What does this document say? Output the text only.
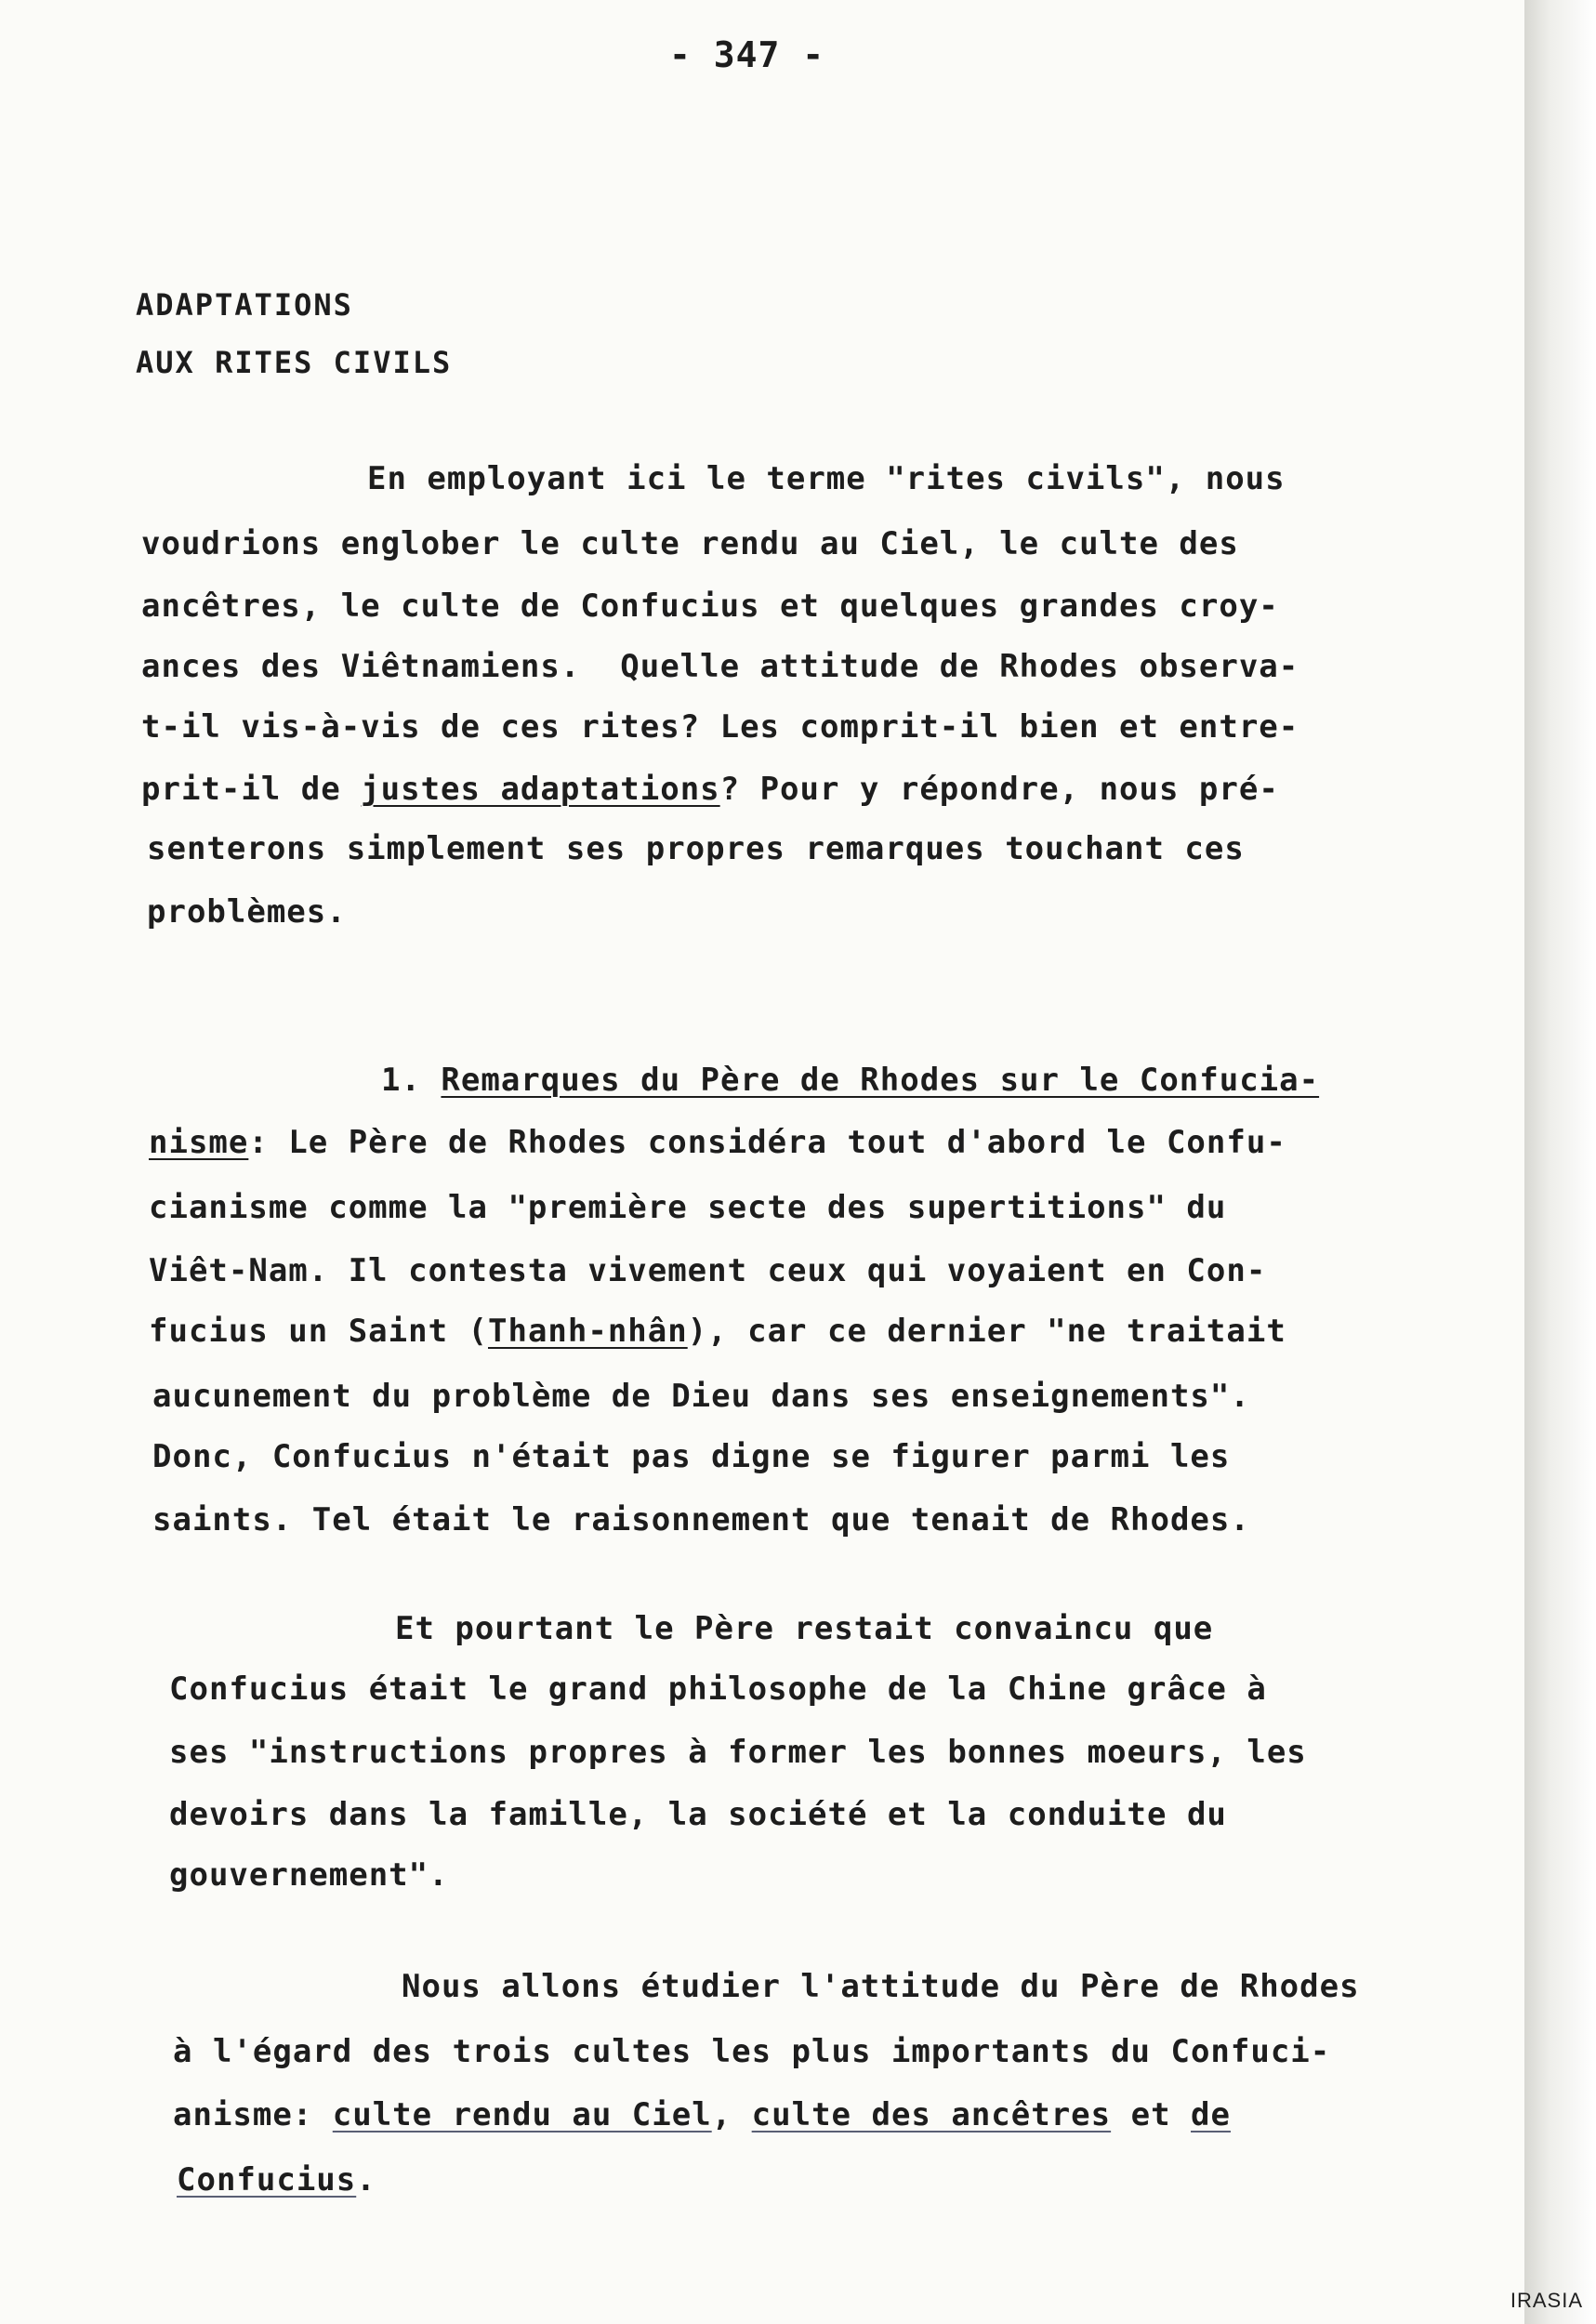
- 347 -
ADAPTATIONS
AUX RITES CIVILS
En employant ici le terme "rites civils", nous
voudrions englober le culte rendu au Ciel, le culte des
ancêtres, le culte de Confucius et quelques grandes croy-
ances des Viêtnamiens.  Quelle attitude de Rhodes observa-
t-il vis-à-vis de ces rites? Les comprit-il bien et entre-
prit-il de justes adaptations? Pour y répondre, nous pré-
senterons simplement ses propres remarques touchant ces
problèmes.
1. Remarques du Père de Rhodes sur le Confucia-
nisme: Le Père de Rhodes considéra tout d'abord le Confu-
cianisme comme la "première secte des supertitions" du
Viêt-Nam. Il contesta vivement ceux qui voyaient en Con-
fucius un Saint (Thanh-nhân), car ce dernier "ne traitait
aucunement du problème de Dieu dans ses enseignements".
Donc, Confucius n'était pas digne se figurer parmi les
saints. Tel était le raisonnement que tenait de Rhodes.
Et pourtant le Père restait convaincu que
Confucius était le grand philosophe de la Chine grâce à
ses "instructions propres à former les bonnes moeurs, les
devoirs dans la famille, la société et la conduite du
gouvernement".
Nous allons étudier l'attitude du Père de Rhodes
à l'égard des trois cultes les plus importants du Confuci-
anisme: culte rendu au Ciel, culte des ancêtres et de
Confucius.
IRASIA
